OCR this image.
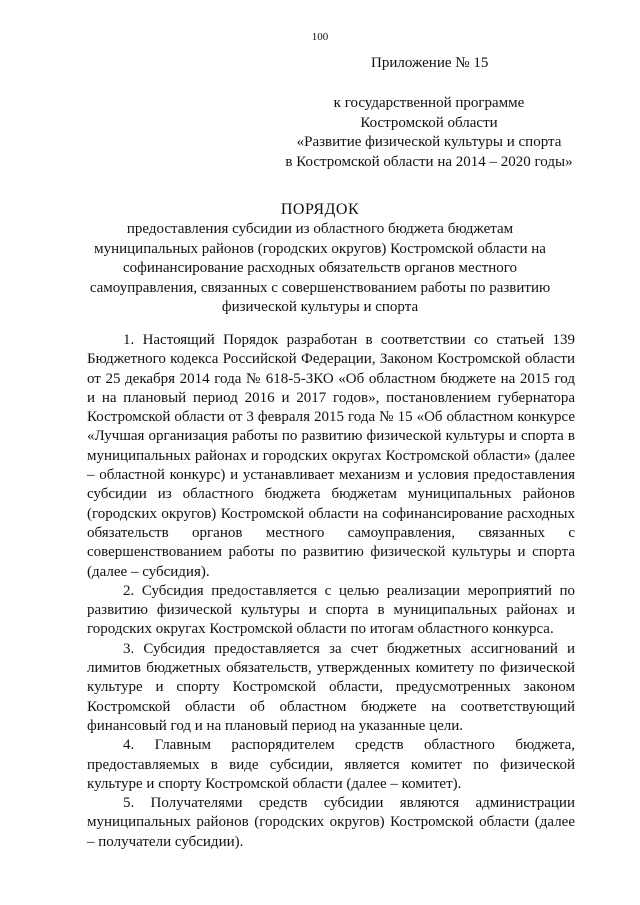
100
Приложение № 15
к государственной программе
Костромской области
«Развитие физической культуры и спорта
в Костромской области на 2014 – 2020 годы»
ПОРЯДОК
предоставления субсидии из областного бюджета бюджетам
муниципальных районов (городских округов) Костромской области на
софинансирование расходных обязательств органов местного
самоуправления, связанных с совершенствованием работы по развитию
физической культуры и спорта

1. Настоящий Порядок разработан в соответствии со статьей 139 Бюджетного кодекса Российской Федерации, Законом Костромской области от 25 декабря 2014 года № 618-5-ЗКО «Об областном бюджете на 2015 год и на плановый период 2016 и 2017 годов», постановлением губернатора Костромской области от 3 февраля 2015 года № 15 «Об областном конкурсе «Лучшая организация работы по развитию физической культуры и спорта в муниципальных районах и городских округах Костромской области» (далее – областной конкурс) и устанавливает механизм и условия предоставления субсидии из областного бюджета бюджетам муниципальных районов (городских округов) Костромской области на софинансирование расходных обязательств органов местного самоуправления, связанных с совершенствованием работы по развитию физической культуры и спорта (далее – субсидия).

2. Субсидия предоставляется с целью реализации мероприятий по развитию физической культуры и спорта в муниципальных районах и городских округах Костромской области по итогам областного конкурса.

3. Субсидия предоставляется за счет бюджетных ассигнований и лимитов бюджетных обязательств, утвержденных комитету по физической культуре и спорту Костромской области, предусмотренных законом Костромской области об областном бюджете на соответствующий финансовый год и на плановый период на указанные цели.

4. Главным распорядителем средств областного бюджета, предоставляемых в виде субсидии, является комитет по физической культуре и спорту Костромской области (далее – комитет).

5. Получателями средств субсидии являются администрации муниципальных районов (городских округов) Костромской области (далее – получатели субсидии).
